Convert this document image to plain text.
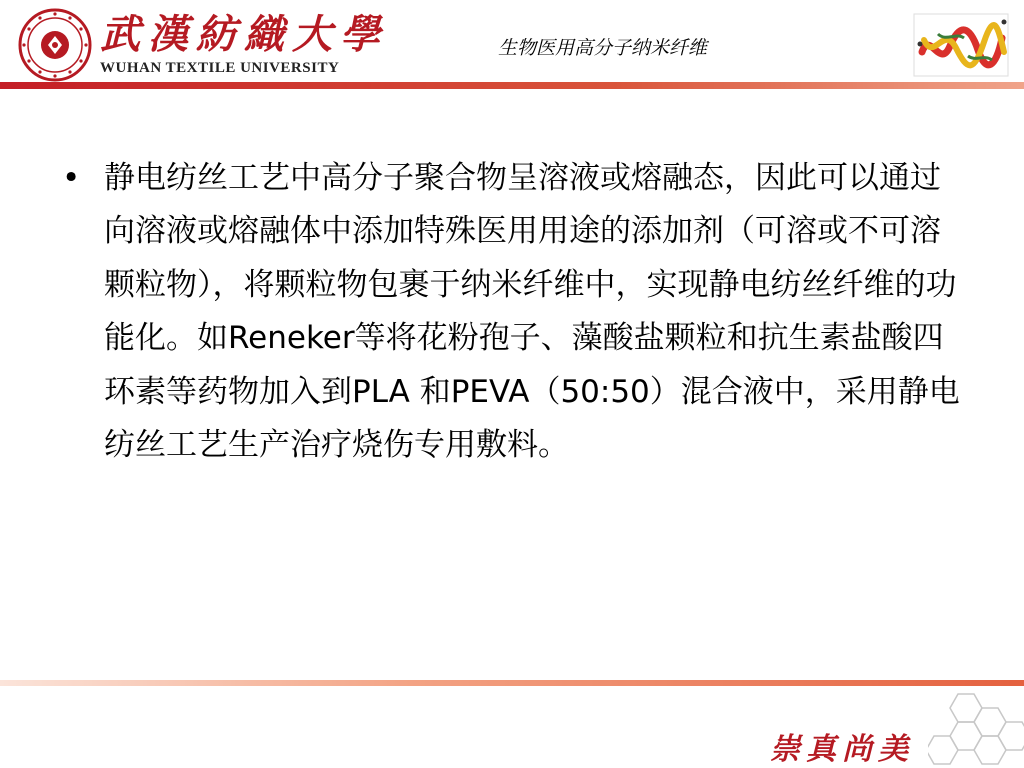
武漢紡織大學
WUHAN TEXTILE UNIVERSITY
生物医用高分子纳米纤维
• 静电纺丝工艺中高分子聚合物呈溶液或熔融态，因此可以通过向溶液或熔融体中添加特殊医用用途的添加剂（可溶或不可溶颗粒物），将颗粒物包裹于纳米纤维中，实现静电纺丝纤维的功能化。如Reneker等将花粉孢子、藻酸盐颗粒和抗生素盐酸四环素等药物加入到PLA 和PEVA（50:50）混合液中，采用静电纺丝工艺生产治疗烧伤专用敷料。
崇真尚美
